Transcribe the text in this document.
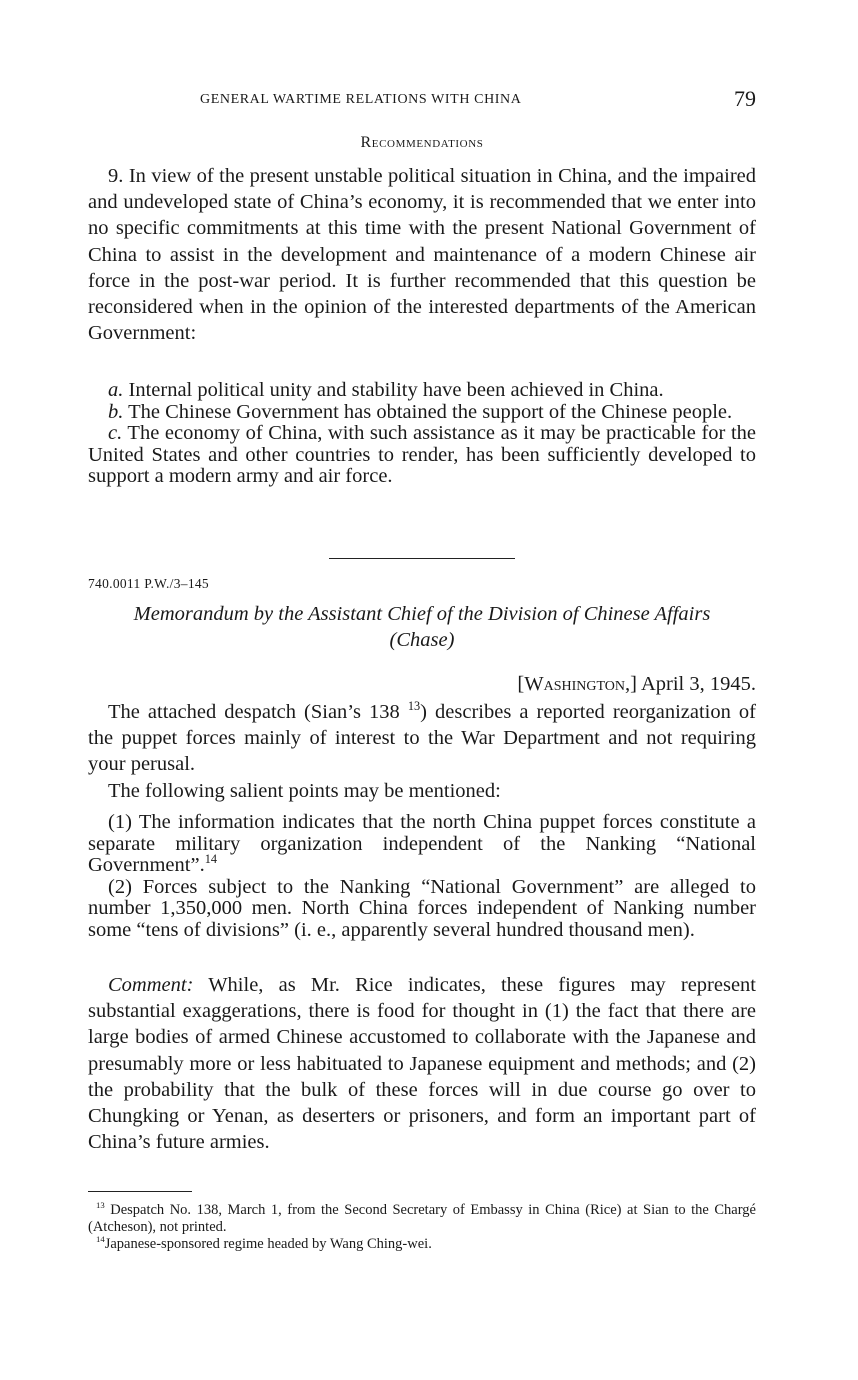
GENERAL WARTIME RELATIONS WITH CHINA	79
Recommendations

9. In view of the present unstable political situation in China, and the impaired and undeveloped state of China’s economy, it is recommended that we enter into no specific commitments at this time with the present National Government of China to assist in the development and maintenance of a modern Chinese air force in the post-war period. It is further recommended that this question be reconsidered when in the opinion of the interested departments of the American Government:

a. Internal political unity and stability have been achieved in China.

b. The Chinese Government has obtained the support of the Chinese people.

c. The economy of China, with such assistance as it may be practicable for the United States and other countries to render, has been sufficiently developed to support a modern army and air force.

740.0011 P.W./3–145
Memorandum by the Assistant Chief of the Division of Chinese Affairs
(Chase)
[Washington,] April 3, 1945.

The attached despatch (Sian’s 138 $^{13}$) describes a reported reorganization of the puppet forces mainly of interest to the War Department and not requiring your perusal.

The following salient points may be mentioned:

(1) The information indicates that the north China puppet forces constitute a separate military organization independent of the Nanking “National Government”.$^{14}$

(2) Forces subject to the Nanking “National Government” are alleged to number 1,350,000 men. North China forces independent of Nanking number some “tens of divisions” (i. e., apparently several hundred thousand men).

Comment: While, as Mr. Rice indicates, these figures may represent substantial exaggerations, there is food for thought in (1) the fact that there are large bodies of armed Chinese accustomed to collaborate with the Japanese and presumably more or less habituated to Japanese equipment and methods; and (2) the probability that the bulk of these forces will in due course go over to Chungking or Yenan, as deserters or prisoners, and form an important part of China’s future armies.

$^{13}$ Despatch No. 138, March 1, from the Second Secretary of Embassy in China (Rice) at Sian to the Chargé (Atcheson), not printed.

$^{14}$Japanese-sponsored regime headed by Wang Ching-wei.
